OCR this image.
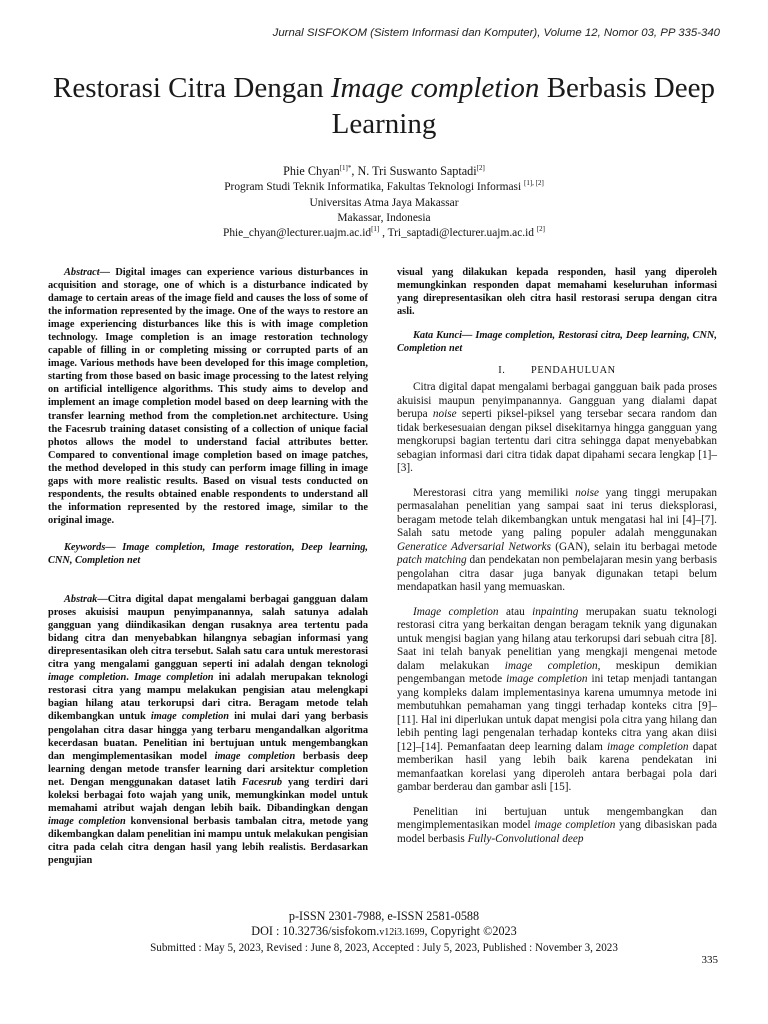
Jurnal SISFOKOM (Sistem Informasi dan Komputer), Volume 12, Nomor 03, PP 335-340
Restorasi Citra Dengan Image completion Berbasis Deep Learning
Phie Chyan$^{[1]*}$, N. Tri Suswanto Saptadi[2]
Program Studi Teknik Informatika, Fakultas Teknologi Informasi [1], [2]
Universitas Atma Jaya Makassar
Makassar, Indonesia
Phie_chyan@lecturer.uajm.ac.id[1] , Tri_saptadi@lecturer.uajm.ac.id [2]

Abstract— Digital images can experience various disturbances in acquisition and storage, one of which is a disturbance indicated by damage to certain areas of the image field and causes the loss of some of the information represented by the image. One of the ways to restore an image experiencing disturbances like this is with image completion technology. Image completion is an image restoration technology capable of filling in or completing missing or corrupted parts of an image. Various methods have been developed for this image completion, starting from those based on basic image processing to the latest relying on artificial intelligence algorithms. This study aims to develop and implement an image completion model based on deep learning with the transfer learning method from the completion.net architecture. Using the Facesrub training dataset consisting of a collection of unique facial photos allows the model to understand facial attributes better. Compared to conventional image completion based on image patches, the method developed in this study can perform image filling in image gaps with more realistic results. Based on visual tests conducted on respondents, the results obtained enable respondents to understand all the information represented by the restored image, similar to the original image.

Keywords— Image completion, Image restoration, Deep learning, CNN, Completion net

Abstrak—Citra digital dapat mengalami berbagai gangguan dalam proses akuisisi maupun penyimpanannya, salah satunya adalah gangguan yang diindikasikan dengan rusaknya area tertentu pada bidang citra dan menyebabkan hilangnya sebagian informasi yang direpresentasikan oleh citra tersebut. Salah satu cara untuk merestorasi citra yang mengalami gangguan seperti ini adalah dengan teknologi image completion. Image completion ini adalah merupakan teknologi restorasi citra yang mampu melakukan pengisian atau melengkapi bagian hilang atau terkorupsi dari citra. Beragam metode telah dikembangkan untuk image completion ini mulai dari yang berbasis pengolahan citra dasar hingga yang terbaru mengandalkan algoritma kecerdasan buatan. Penelitian ini bertujuan untuk mengembangkan dan mengimplementasikan model image completion berbasis deep learning dengan metode transfer learning dari arsitektur completion net. Dengan menggunakan dataset latih Facesrub yang terdiri dari koleksi berbagai foto wajah yang unik, memungkinkan model untuk memahami atribut wajah dengan lebih baik. Dibandingkan dengan image completion konvensional berbasis tambalan citra, metode yang dikembangkan dalam penelitian ini mampu untuk melakukan pengisian citra pada celah citra dengan hasil yang lebih realistis. Berdasarkan pengujian

visual yang dilakukan kepada responden, hasil yang diperoleh memungkinkan responden dapat memahami keseluruhan informasi yang direpresentasikan oleh citra hasil restorasi serupa dengan citra asli.

Kata Kunci— Image completion, Restorasi citra, Deep learning, CNN, Completion net

I. PENDAHULUAN

Citra digital dapat mengalami berbagai gangguan baik pada proses akuisisi maupun penyimpanannya. Gangguan yang dialami dapat berupa noise seperti piksel-piksel yang tersebar secara random dan tidak berkesesuaian dengan piksel disekitarnya hingga gangguan yang mengkorupsi bagian tertentu dari citra sehingga dapat menyebabkan sebagian informasi dari citra tidak dapat dipahami secara lengkap [1]–[3].

Merestorasi citra yang memiliki noise yang tinggi merupakan permasalahan penelitian yang sampai saat ini terus dieksplorasi, beragam metode telah dikembangkan untuk mengatasi hal ini [4]–[7]. Salah satu metode yang paling populer adalah menggunakan Generatice Adversarial Networks (GAN), selain itu berbagai metode patch matching dan pendekatan non pembelajaran mesin yang berbasis pengolahan citra dasar juga banyak digunakan tetapi belum mendapatkan hasil yang memuaskan.

Image completion atau inpainting merupakan suatu teknologi restorasi citra yang berkaitan dengan beragam teknik yang digunakan untuk mengisi bagian yang hilang atau terkorupsi dari sebuah citra [8]. Saat ini telah banyak penelitian yang mengkaji mengenai metode dalam melakukan image completion, meskipun demikian pengembangan metode image completion ini tetap menjadi tantangan yang kompleks dalam implementasinya karena umumnya metode ini membutuhkan pemahaman yang tinggi terhadap konteks citra [9]–[11]. Hal ini diperlukan untuk dapat mengisi pola citra yang hilang dan lebih penting lagi pengenalan terhadap konteks citra yang akan diisi [12]–[14]. Pemanfaatan deep learning dalam image completion dapat memberikan hasil yang lebih baik karena pendekatan ini memanfaatkan korelasi yang diperoleh antara berbagai pola dari gambar berderau dan gambar asli [15].

Penelitian ini bertujuan untuk mengembangkan dan mengimplementasikan model image completion yang dibasiskan pada model berbasis Fully-Convolutional deep

p-ISSN 2301-7988, e-ISSN 2581-0588
DOI : 10.32736/sisfokom.v12i3.1699, Copyright ©2023
Submitted : May 5, 2023, Revised : June 8, 2023, Accepted : July 5, 2023, Published : November 3, 2023
335
